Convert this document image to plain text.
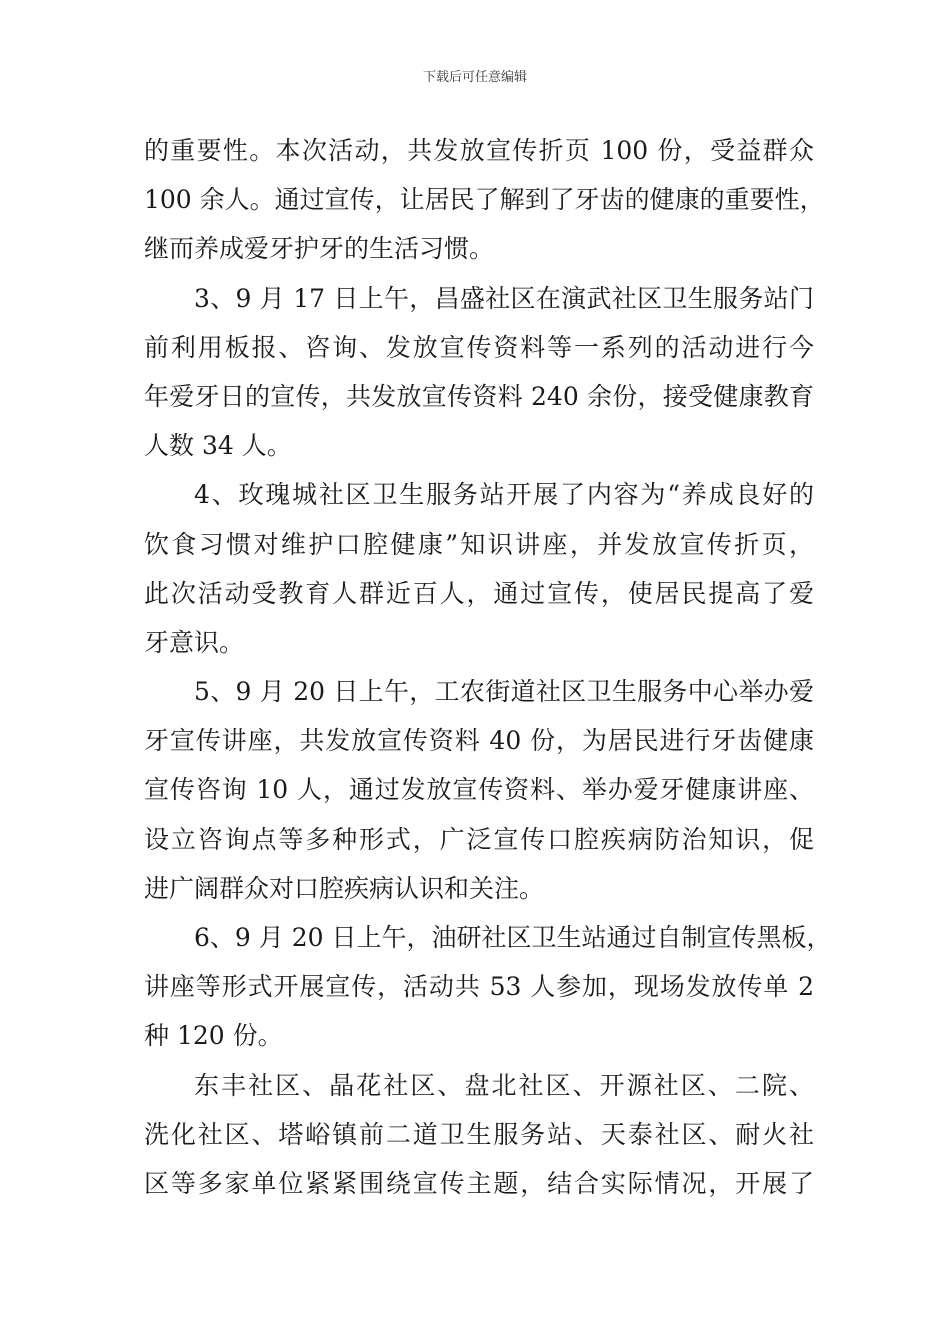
下载后可任意编辑
的重要性。本次活动，共发放宣传折页 100 份，受益群众
100 余人。通过宣传，让居民了解到了牙齿的健康的重要性，
继而养成爱牙护牙的生活习惯。
3、9 月 17 日上午，昌盛社区在演武社区卫生服务站门
前利用板报、咨询、发放宣传资料等一系列的活动进行今
年爱牙日的宣传，共发放宣传资料 240 余份，接受健康教育
人数 34 人。
4、玫瑰城社区卫生服务站开展了内容为“养成良好的
饮食习惯对维护口腔健康”知识讲座，并发放宣传折页，
此次活动受教育人群近百人，通过宣传，使居民提高了爱
牙意识。
5、9 月 20 日上午，工农街道社区卫生服务中心举办爱
牙宣传讲座，共发放宣传资料 40 份，为居民进行牙齿健康
宣传咨询 10 人，通过发放宣传资料、举办爱牙健康讲座、
设立咨询点等多种形式，广泛宣传口腔疾病防治知识，促
进广阔群众对口腔疾病认识和关注。
6、9 月 20 日上午，油研社区卫生站通过自制宣传黑板，
讲座等形式开展宣传，活动共 53 人参加，现场发放传单 2
种 120 份。
东丰社区、晶花社区、盘北社区、开源社区、二院、
洗化社区、塔峪镇前二道卫生服务站、天泰社区、耐火社
区等多家单位紧紧围绕宣传主题，结合实际情况，开展了
